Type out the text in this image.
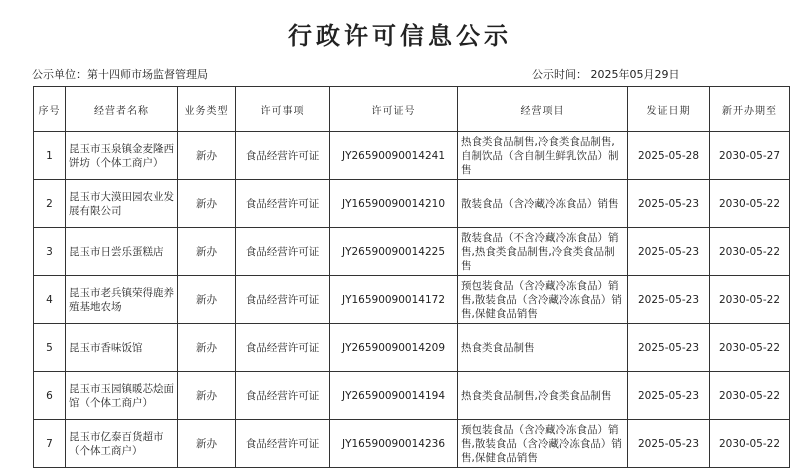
行政许可信息公示
公示单位：第十四师市场监督管理局	公示时间： 2025年05月29日
序号	经营者名称	业务类型	许可事项	许可证号	经营项目	发证日期	新开办期至
1	昆玉市玉泉镇金麦隆西饼坊（个体工商户）	新办	食品经营许可证	JY26590090014241	热食类食品制售,冷食类食品制售,自制饮品（含自制生鲜乳饮品）制售	2025-05-28	2030-05-27
2	昆玉市大漠田园农业发展有限公司	新办	食品经营许可证	JY16590090014210	散装食品（含冷藏冷冻食品）销售	2025-05-23	2030-05-22
3	昆玉市日尝乐蛋糕店	新办	食品经营许可证	JY26590090014225	散装食品（不含冷藏冷冻食品）销售,热食类食品制售,冷食类食品制售	2025-05-23	2030-05-22
4	昆玉市老兵镇荣得鹿养殖基地农场	新办	食品经营许可证	JY16590090014172	预包装食品（含冷藏冷冻食品）销售,散装食品（含冷藏冷冻食品）销售,保健食品销售	2025-05-23	2030-05-22
5	昆玉市香味饭馆	新办	食品经营许可证	JY26590090014209	热食类食品制售	2025-05-23	2030-05-22
6	昆玉市玉园镇暖芯烩面馆（个体工商户）	新办	食品经营许可证	JY26590090014194	热食类食品制售,冷食类食品制售	2025-05-23	2030-05-22
7	昆玉市亿泰百货超市（个体工商户）	新办	食品经营许可证	JY16590090014236	预包装食品（含冷藏冷冻食品）销售,散装食品（含冷藏冷冻食品）销售,保健食品销售	2025-05-23	2030-05-22
